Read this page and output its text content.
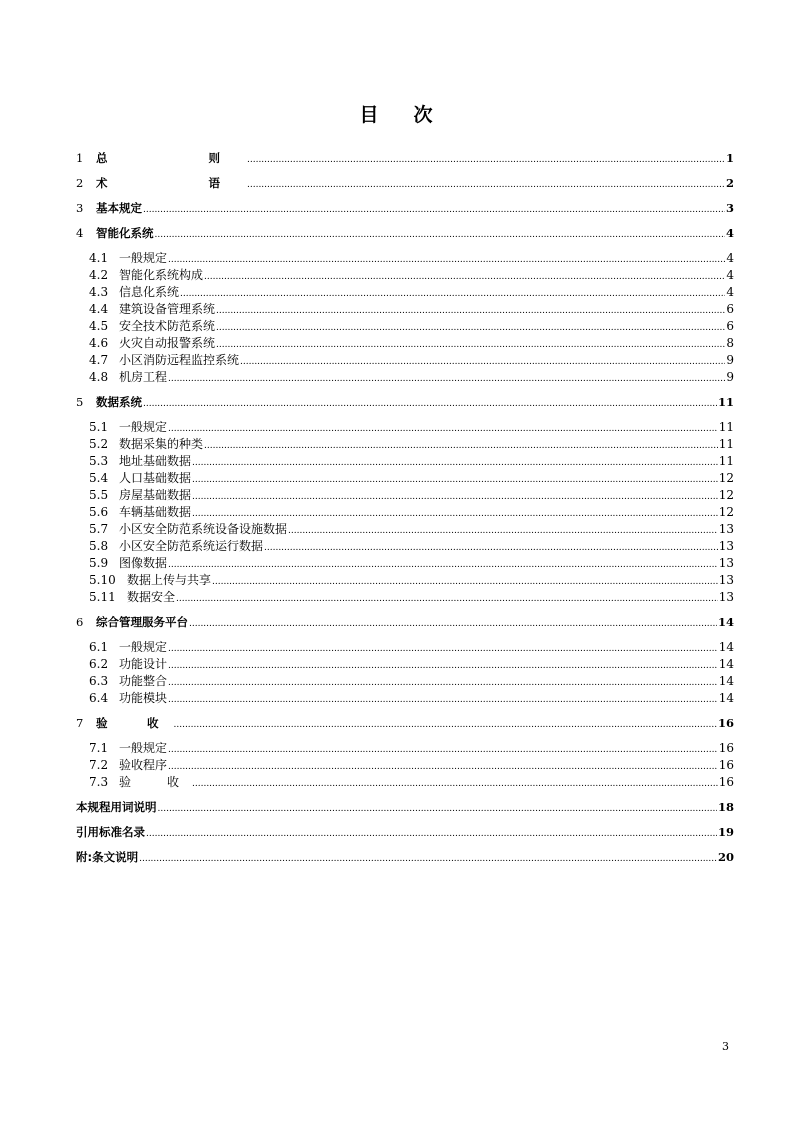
目 次
1	总　　则 .....	1
2	术　　语 .....	2
3	基本规定 .....	3
4	智能化系统 .....	4
4.1 一般规定 .....	4
4.2 智能化系统构成 .....	4
4.3 信息化系统 .....	4
4.4 建筑设备管理系统 .....	6
4.5 安全技术防范系统 .....	6
4.6 火灾自动报警系统 .....	8
4.7 小区消防远程监控系统 .....	9
4.8 机房工程 .....	9
5	数据系统 .....	11
5.1 一般规定 .....	11
5.2 数据采集的种类 .....	11
5.3 地址基础数据 .....	11
5.4 人口基础数据 .....	12
5.5 房屋基础数据 .....	12
5.6 车辆基础数据 .....	12
5.7 小区安全防范系统设备设施数据 .....	13
5.8 小区安全防范系统运行数据 .....	13
5.9 图像数据 .....	13
5.10 数据上传与共享 .....	13
5.11 数据安全 .....	13
6	综合管理服务平台 .....	14
6.1 一般规定 .....	14
6.2 功能设计 .....	14
6.3 功能整合 .....	14
6.4 功能模块 .....	14
7	验　收 .....	16
7.1 一般规定 .....	16
7.2 验收程序 .....	16
7.3 验　收 .....	16
本规程用词说明 .....	18
引用标准名录 .....	19
附:条文说明 .....	20
3
